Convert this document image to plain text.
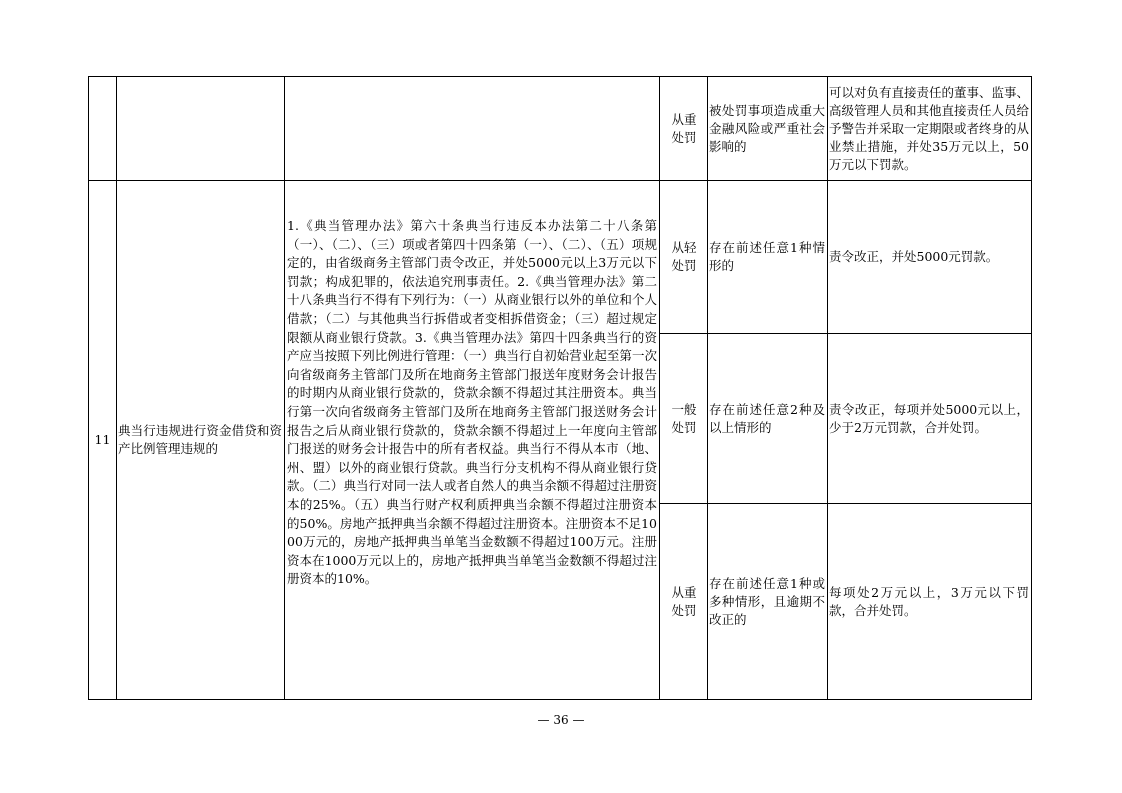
从重处罚
被处罚事项造成重大金融风险或严重社会影响的
可以对负有直接责任的董事、监事、高级管理人员和其他直接责任人员给予警告并采取一定期限或者终身的从业禁止措施，并处35万元以上，50万元以下罚款。
11
典当行违规进行资金借贷和资产比例管理违规的
1.《典当管理办法》第六十条典当行违反本办法第二十八条第（一）、（二）、（三）项或者第四十四条第（一）、（二）、（五）项规定的，由省级商务主管部门责令改正，并处5000元以上3万元以下罚款；构成犯罪的，依法追究刑事责任。2.《典当管理办法》第二十八条典当行不得有下列行为：（一）从商业银行以外的单位和个人借款；（二）与其他典当行拆借或者变相拆借资金；（三）超过规定限额从商业银行贷款。3.《典当管理办法》第四十四条典当行的资产应当按照下列比例进行管理：（一）典当行自初始营业起至第一次向省级商务主管部门及所在地商务主管部门报送年度财务会计报告的时期内从商业银行贷款的，贷款余额不得超过其注册资本。典当行第一次向省级商务主管部门及所在地商务主管部门报送财务会计报告之后从商业银行贷款的，贷款余额不得超过上一年度向主管部门报送的财务会计报告中的所有者权益。典当行不得从本市（地、州、盟）以外的商业银行贷款。典当行分支机构不得从商业银行贷款。（二）典当行对同一法人或者自然人的典当余额不得超过注册资本的25%。（五）典当行财产权利质押典当余额不得超过注册资本的50%。房地产抵押典当余额不得超过注册资本。注册资本不足1000万元的，房地产抵押典当单笔当金数额不得超过100万元。注册资本在1000万元以上的，房地产抵押典当单笔当金数额不得超过注册资本的10%。
从轻处罚
存在前述任意1种情形的
责令改正，并处5000元罚款。
一般处罚
存在前述任意2种及以上情形的
责令改正，每项并处5000元以上，少于2万元罚款，合并处罚。
从重处罚
存在前述任意1种或多种情形，且逾期不改正的
每项处2万元以上，3万元以下罚款，合并处罚。
— 36 —
